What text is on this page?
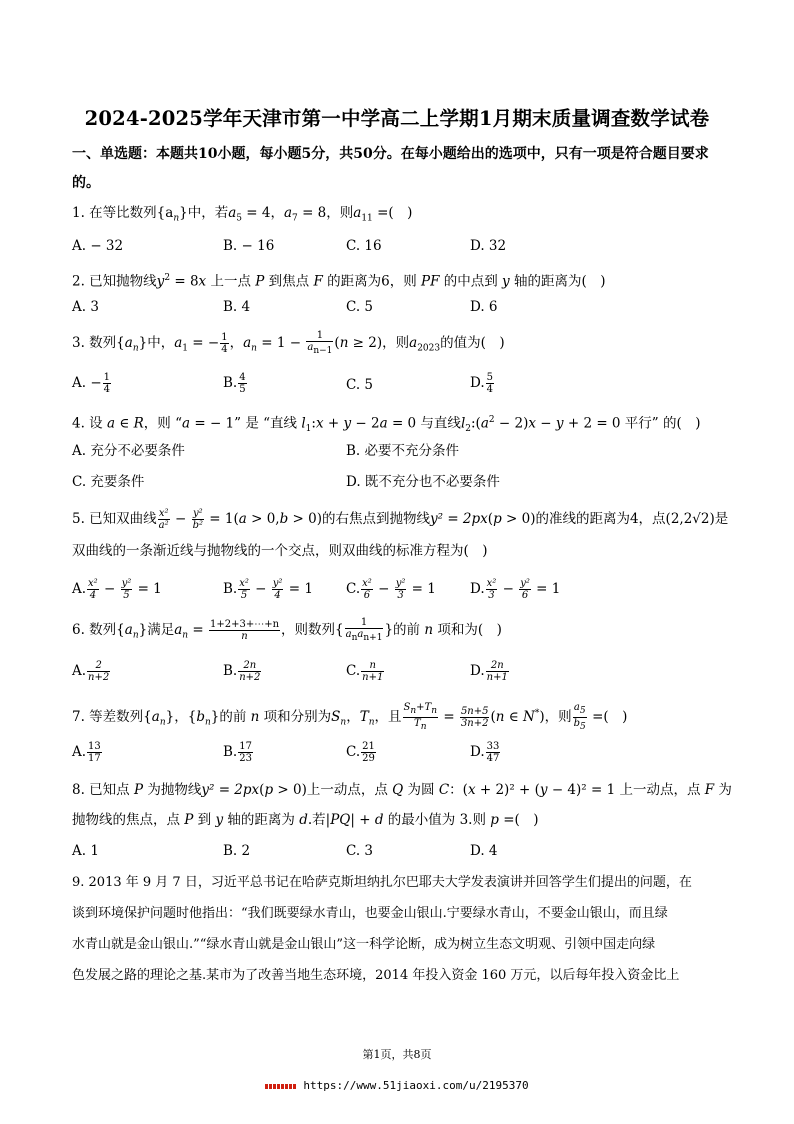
2024-2025学年天津市第一中学高二上学期1月期末质量调查数学试卷
一、单选题：本题共10小题，每小题5分，共50分。在每小题给出的选项中，只有一项是符合题目要求的。
1. 在等比数列$\{a_n\}$中，若$a_5 = 4$，$a_7 = 8$，则$a_{11}$ =(　)
A. − 32	B. − 16	C. 16	D. 32
2. 已知抛物线$y^2 = 8x$ 上一点 P 到焦点 F 的距离为6，则 PF 的中点到 y 轴的距离为(　)
A. 3	B. 4	C. 5	D. 6
3. 数列$\{a_n\}$中，$a_1$ = − $\frac{1}{4}$ ，$a_n = 1 - \frac{1}{a_{n-1}} (n \ge 2)$，则$a_{2023}$的值为(　)
A. − $\frac{1}{4}$	B. $\frac{4}{5}$	C. 5	D. $\frac{5}{4}$
4. 设 a ∈ R，则 “a = − 1” 是 “直线 $l_1:x + y - 2a = 0$ 与直线$l_2:(a^2 - 2)x - y + 2 = 0$ 平行” 的(　)
A. 充分不必要条件	B. 必要不充分条件
C. 充要条件	D. 既不充分也不必要条件
5. 已知双曲线 $\frac{\text{x²}}{\text{a²}} - \frac{\text{y²}}{\text{b²}} = 1(a > 0,b > 0)$的右焦点到抛物线y² = 2px(p > 0)的准线的距离为4，点(2,2√2)是
双曲线的一条渐近线与抛物线的一个交点，则双曲线的标准方程为(　)
A. $\frac{\text{x²}}{4} - \frac{\text{y²}}{5} = 1$	B. $\frac{\text{x²}}{5} - \frac{\text{y²}}{4} = 1$ C. $\frac{\text{x²}}{6} - \frac{\text{y²}}{3} = 1$	D. $\frac{\text{x²}}{3} - \frac{\text{y²}}{6} = 1$
6. 数列$\{a_n\}$满足$a_n = \frac{1+2+3+\cdots+n}{n}$ ，则数列{ $\frac{1}{a_na_{n+1}}$ }的前 n 项和为(　)
A. $\frac{2}{n+2}$	B. $\frac{2n}{n+2}$	C. $\frac{n}{n+1}$	D. $\frac{2n}{n+1}$
7. 等差数列$\{a_n\}$，$\{b_n\}$的前 n 项和分别为$S_n$，$T_n$，且 $\frac{S_n+T_n}{T_n} = \frac{5n+5}{3n+2} (n$ ∈ N*)，则 $\frac{a_5}{b_5}$ =(　)
A. $\frac{13}{17}$	B. $\frac{17}{23}$	C. $\frac{21}{29}$	D. $\frac{33}{47}$
8. 已知点 P 为抛物线y² = 2px(p > 0)上一动点，点 Q 为圆 C：(x + 2)² + (y − 4)² = 1 上一动点，点 F 为
抛物线的焦点，点 P 到 y 轴的距离为 d.若|PQ| + d 的最小值为 3.则 p =(　)
A. 1	B. 2	C. 3	D. 4
9. 2013 年 9 月 7 日，习近平总书记在哈萨克斯坦纳扎尔巴耶夫大学发表演讲并回答学生们提出的问题，在
谈到环境保护问题时他指出：“我们既要绿水青山，也要金山银山.宁要绿水青山，不要金山银山，而且绿
水青山就是金山银山.”“绿水青山就是金山银山”这一科学论断，成为树立生态文明观、引领中国走向绿
色发展之路的理论之基.某市为了改善当地生态环境，2014 年投入资金 160 万元，以后每年投入资金比上
第1页，共8页
https://www.51jiaoxi.com/u/2195370
